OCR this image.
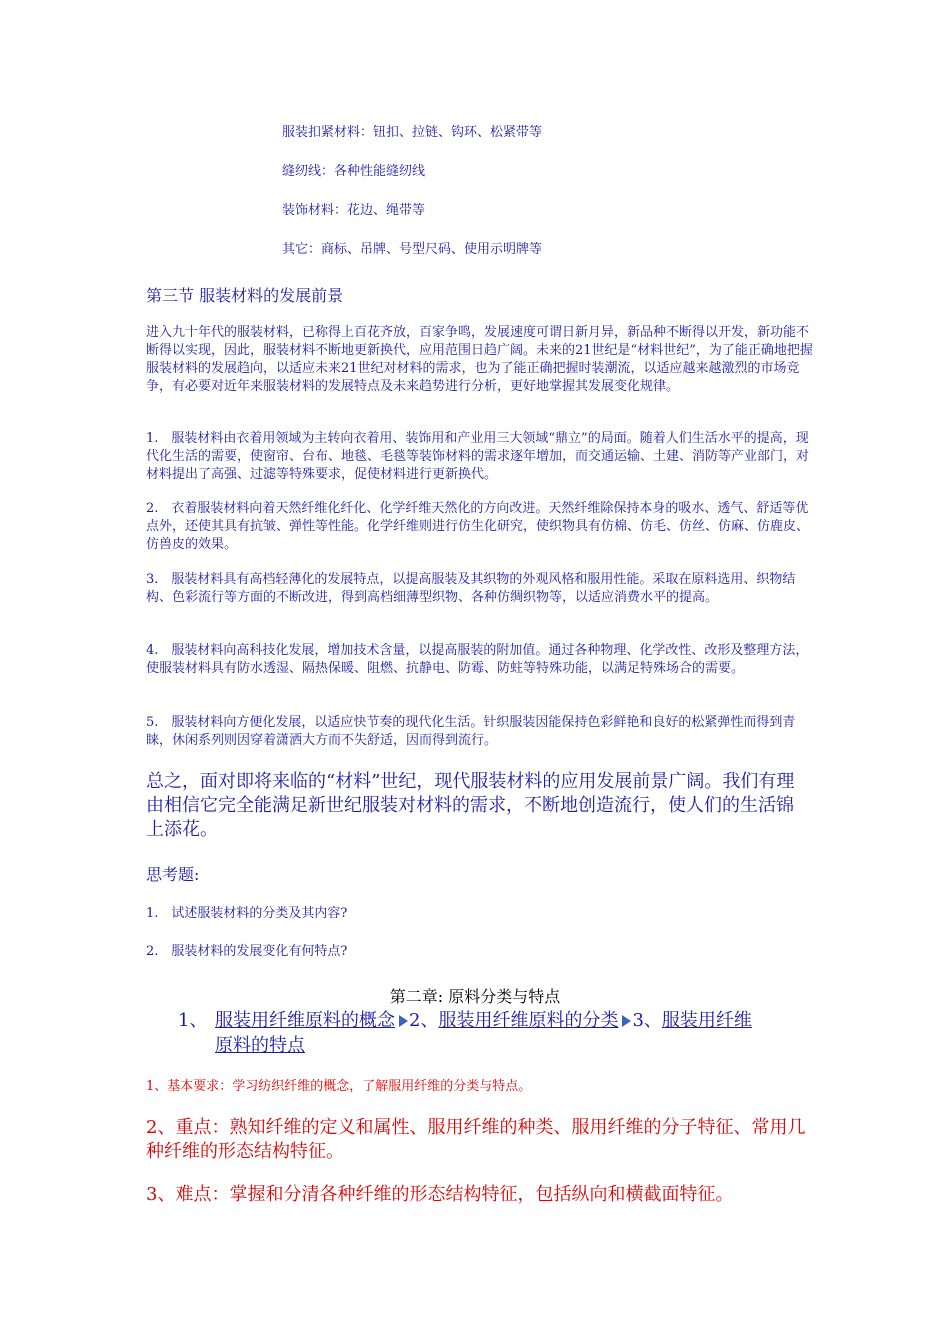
服装扣紧材料：钮扣、拉链、钩环、松紧带等
缝纫线：各种性能缝纫线
装饰材料：花边、绳带等
其它：商标、吊牌、号型尺码、使用示明牌等
第三节 服装材料的发展前景
进入九十年代的服装材料，已称得上百花齐放，百家争鸣，发展速度可谓日新月异，新品种不断得以开发，新功能不断得以实现，因此，服装材料不断地更新换代，应用范围日趋广阔。未来的21世纪是“材料世纪”，为了能正确地把握服装材料的发展趋向，以适应未来21世纪对材料的需求，也为了能正确把握时装潮流，以适应越来越激烈的市场竞争，有必要对近年来服装材料的发展特点及未来趋势进行分析，更好地掌握其发展变化规律。
1.　服装材料由衣着用领域为主转向衣着用、装饰用和产业用三大领域“鼎立”的局面。随着人们生活水平的提高，现代化生活的需要，使窗帘、台布、地毯、毛毯等装饰材料的需求逐年增加，而交通运输、土建、消防等产业部门，对材料提出了高强、过滤等特殊要求，促使材料进行更新换代。
2.　衣着服装材料向着天然纤维化纤化、化学纤维天然化的方向改进。天然纤维除保持本身的吸水、透气、舒适等优点外，还使其具有抗皱、弹性等性能。化学纤维则进行仿生化研究，使织物具有仿棉、仿毛、仿丝、仿麻、仿鹿皮、仿兽皮的效果。
3.　服装材料具有高档轻薄化的发展特点，以提高服装及其织物的外观风格和服用性能。采取在原料选用、织物结构、色彩流行等方面的不断改进，得到高档细薄型织物、各种仿绸织物等，以适应消费水平的提高。
4.　服装材料向高科技化发展，增加技术含量，以提高服装的附加值。通过各种物理、化学改性、改形及整理方法，使服装材料具有防水透湿、隔热保暖、阻燃、抗静电、防霉、防蛀等特殊功能，以满足特殊场合的需要。
5.　服装材料向方便化发展，以适应快节奏的现代化生活。针织服装因能保持色彩鲜艳和良好的松紧弹性而得到青睐，休闲系列则因穿着潇洒大方而不失舒适，因而得到流行。
总之，面对即将来临的“材料”世纪，现代服装材料的应用发展前景广阔。我们有理由相信它完全能满足新世纪服装对材料的需求，不断地创造流行，使人们的生活锦上添花。
思考题:
1.　试述服装材料的分类及其内容?
2.　服装材料的发展变化有何特点?
第二章: 原料分类与特点
1、 服装用纤维原料的概念 2、服装用纤维原料的分类 3、服装用纤维
原料的特点
1、基本要求：学习纺织纤维的概念，了解服用纤维的分类与特点。
2、重点：熟知纤维的定义和属性、服用纤维的种类、服用纤维的分子特征、常用几种纤维的形态结构特征。
3、难点：掌握和分清各种纤维的形态结构特征，包括纵向和横截面特征。
